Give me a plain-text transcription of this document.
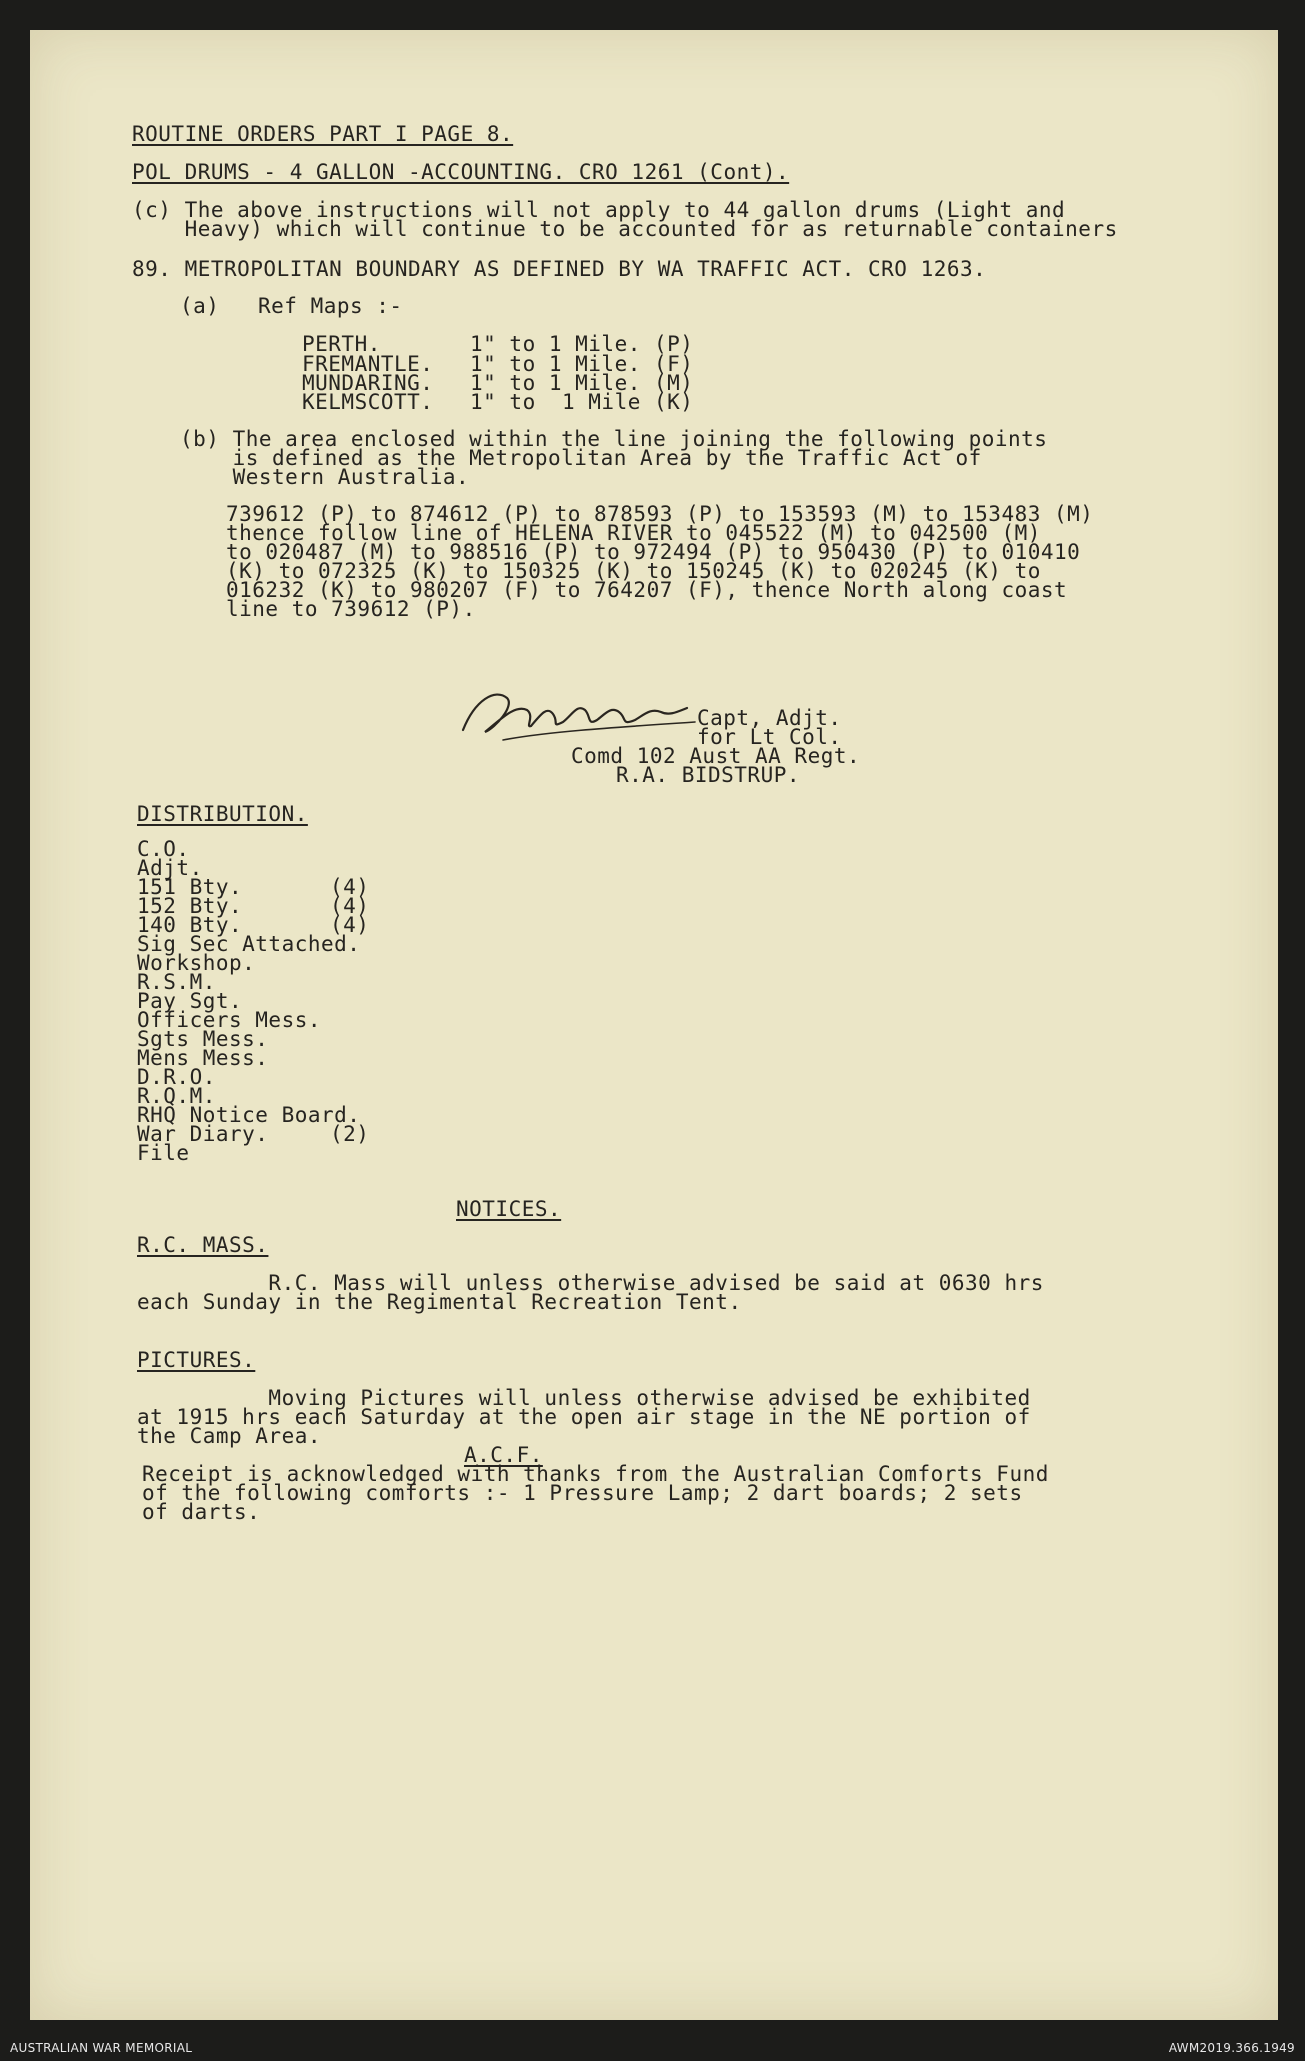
ROUTINE ORDERS PART I PAGE 8.
POL DRUMS - 4 GALLON -ACCOUNTING. CRO 1261 (Cont).
(c) The above instructions will not apply to 44 gallon drums (Light and
Heavy) which will continue to be accounted for as returnable containers
89. METROPOLITAN BOUNDARY AS DEFINED BY WA TRAFFIC ACT. CRO 1263.
(a) Ref Maps :-
PERTH.	1" to 1 Mile. (P)
FREMANTLE. 1" to 1 Mile. (F)
MUNDARING. 1" to 1 Mile. (M)
KELMSCOTT. 1" to  1 Mile (K)
(b) The area enclosed within the line joining the following points
is defined as the Metropolitan Area by the Traffic Act of
Western Australia.
739612 (P) to 874612 (P) to 878593 (P) to 153593 (M) to 153483 (M)
thence follow line of HELENA RIVER to 045522 (M) to 042500 (M)
to 020487 (M) to 988516 (P) to 972494 (P) to 950430 (P) to 010410
(K) to 072325 (K) to 150325 (K) to 150245 (K) to 020245 (K) to
016232 (K) to 980207 (F) to 764207 (F), thence North along coast
line to 739612 (P).
Capt, Adjt.
for Lt Col.
Comd 102 Aust AA Regt.
R.A. BIDSTRUP.
DISTRIBUTION.
C.O.
Adjt.
151 Bty.	(4)
152 Bty.	(4)
140 Bty.	(4)
Sig Sec Attached.
Workshop.
R.S.M.
Pay Sgt.
Officers Mess.
Sgts Mess.
Mens Mess.
D.R.O.
R.Q.M.
RHQ Notice Board.
War Diary.	(2)
File
NOTICES.
R.C. MASS.
R.C. Mass will unless otherwise advised be said at 0630 hrs
each Sunday in the Regimental Recreation Tent.
PICTURES.
Moving Pictures will unless otherwise advised be exhibited
at 1915 hrs each Saturday at the open air stage in the NE portion of
the Camp Area.
A.C.F.
Receipt is acknowledged with thanks from the Australian Comforts Fund
of the following comforts :- 1 Pressure Lamp; 2 dart boards; 2 sets
of darts.
AUSTRALIAN WAR MEMORIAL	AWM2019.366.1949
